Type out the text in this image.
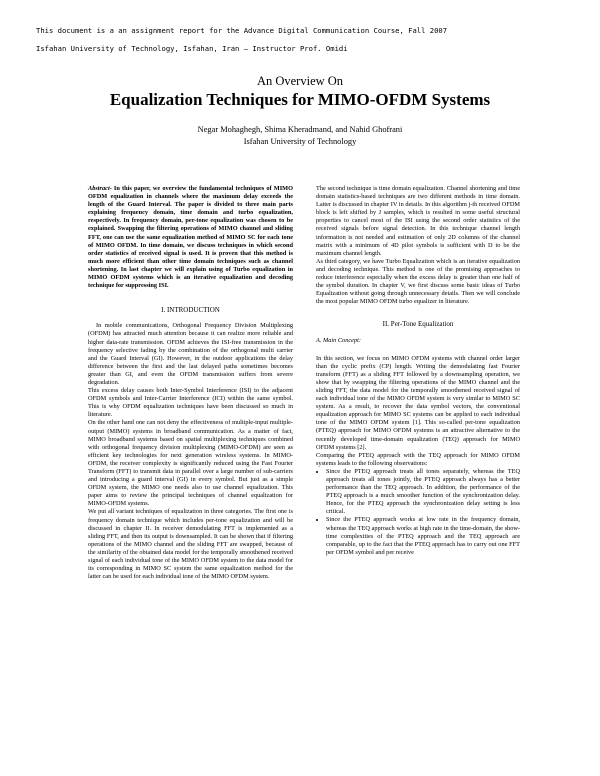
This document is a an assignment report for the Advance Digital Communication Course, Fall 2007
Isfahan University of Technology, Isfahan, Iran – Instructor Prof. Omidi
An Overview On
Equalization Techniques for MIMO-OFDM Systems
Negar Mohaghegh, Shima Kheradmand, and Nahid Ghofrani
Isfahan University of Technology

Abstract- In this paper, we overview the fundamental techniques of MIMO OFDM equalization in channels where the maximum delay exceeds the length of the Guard Interval. The paper is divided to three main parts explaining frequency domain, time domain and turbo equalization, respectively. In frequency domain, per-tone equalization was chosen to be explained. Swapping the filtering operations of MIMO channel and sliding FFT, one can use the same equalization method of MIMO SC for each tone of MIMO OFDM. In time domain, we discuss techniques in which second order statistics of received signal is used. It is proven that this method is much more efficient than other time domain techniques such as channel shortening. In last chapter we will explain using of Turbo equalization in MIMO OFDM systems which is an iterative equalization and decoding technique for suppressing ISI.

I. INTRODUCTION

In mobile communications, Orthogonal Frequency Division Multiplexing (OFDM) has attracted much attention because it can realize more reliable and higher data-rate transmission. OFDM achieves the ISI-free transmission in the frequency selective fading by the combination of the orthogonal multi carrier and the Guard Interval (GI). However, in the outdoor applications the delay difference between the first and the last delayed paths sometimes becomes greater than GI, and even the OFDM transmission suffers from severe degradation.

This excess delay causes both Inter-Symbol Interference (ISI) to the adjacent OFDM symbols and Inter-Carrier Interference (ICI) within the same symbol. This is why OFDM equalization techniques have been discussed so much in literature.

On the other hand one can not deny the effectiveness of multiple-input multiple-output (MIMO) systems in broadband communication. As a matter of fact, MIMO broadband systems based on spatial multiplexing techniques combined with orthogonal frequency division multiplexing (MIMO-OFDM) are seen as efficient key technologies for next generation wireless systems. In MIMO-OFDM, the receiver complexity is significantly reduced using the Fast Fourier Transform (FFT) to transmit data in parallel over a large number of sub-carriers and introducing a guard interval (GI) in every symbol. But just as a simple OFDM system, the MIMO one needs also to use channel equalization. This paper aims to review the principal techniques of channel equalization for MIMO-OFDM systems.

We put all variant techniques of equalization in three categories. The first one is frequency domain technique which includes per-tone equalization and will be discussed in chapter II. In receiver demodulating FFT is implemented as a sliding FFT, and then its output is downsampled. It can be shown that if filtering operations of the MIMO channel and the sliding FFT are swapped, because of the similarity of the obtained data model for the temporally smoothened received signal of each individual tone of the MIMO OFDM system to the data model for its corresponding in MIMO SC system the same equalization method for the latter can be used for each individual tone of the MIMO OFDM system.

The second technique is time domain equalization. Channel shortening and time domain statistics-based techniques are two different methods in time domain. Latter is discussed in chapter IV in details. In this algorithm j-th received OFDM block is left shifted by J samples, which is resulted in some useful structural properties to cancel most of the ISI using the second order statistics of the received signals before signal detection. In this technique channel length information is not needed and estimation of only 2D columns of the channel matrix with a minimum of 4D pilot symbols is sufficient with D to be the maximum channel length.

As third category, we have Turbo Equalization which is an iterative equalization and decoding technique. This method is one of the promising approaches to reduce interference especially when the excess delay is greater than one half of the symbol duration. In chapter V, we first discuss some basic ideas of Turbo Equalization without going through unnecessary details. Then we will conclude the most popular MIMO OFDM turbo equalizer in literature.

II. Per-Tone Equalization
A. Main Concept:

In this section, we focus on MIMO OFDM systems with channel order larger than the cyclic prefix (CP) length. Writing the demodulating fast Fourier transform (FFT) as a sliding FFT followed by a downsampling operation, we show that by swapping the filtering operations of the MIMO channel and the sliding FFT, the data model for the temporally smoothened received signal of each individual tone of the MIMO OFDM system is very similar to MIMO SC system. As a result, to recover the data symbol vectors, the conventional equalization approach for MIMO SC systems can be applied to each individual tone of the MIMO OFDM system [1]. This so-called per-tone equalization (PTEQ) approach for MIMO OFDM systems is an attractive alternative to the recently developed time-domain equalization (TEQ) approach for MIMO OFDM systems [2].

Comparing the PTEQ approach with the TEQ approach for MIMO OFDM systems leads to the following observations:

• Since the PTEQ approach treats all tones separately, whereas the TEQ approach treats all tones jointly, the PTEQ approach always has a better performance than the TEQ approach. In addition, the performance of the PTEQ approach is a much smoother function of the synchronization delay. Hence, for the PTEQ approach the synchronization delay setting is less critical.
• Since the PTEQ approach works at low rate in the frequency domain, whereas the TEQ approach works at high rate in the time-domain, the show-time complexities of the PTEQ approach and the TEQ approach are comparable, up to the fact that the PTEQ approach has to carry out one FFT per OFDM symbol and per receive
